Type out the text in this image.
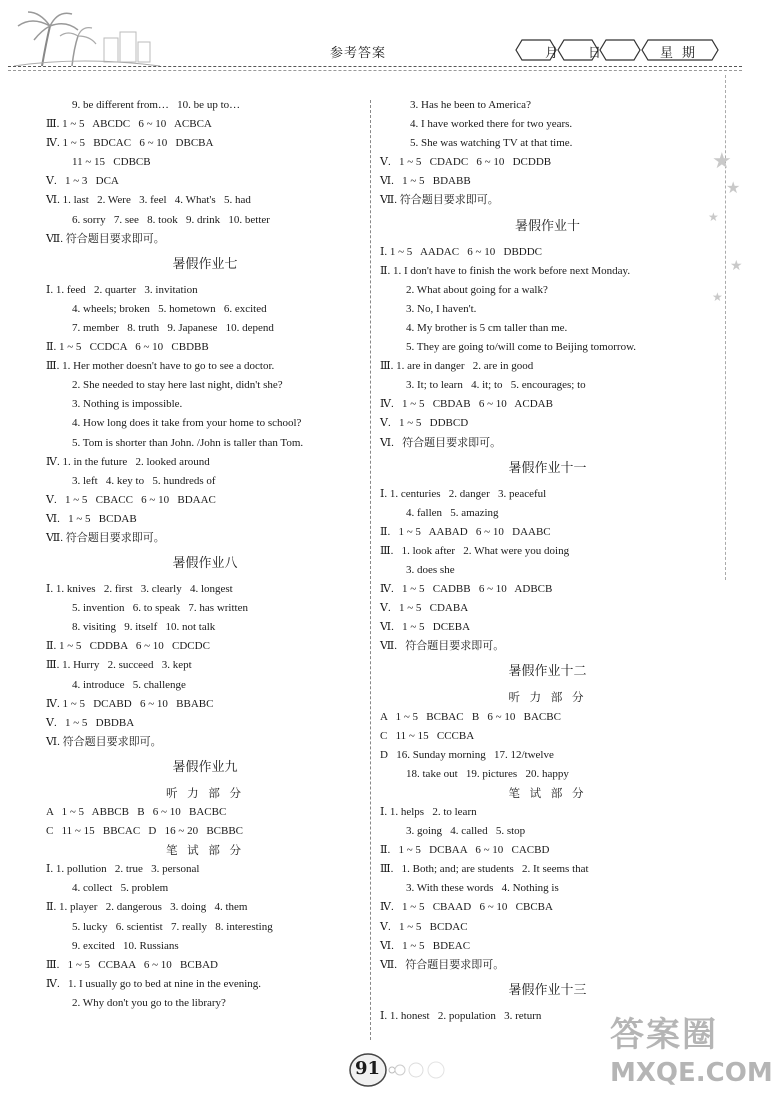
参考答案	月 日	星 期
★
★
★
★
★
9. be different from…   10. be up to…
Ⅲ. 1 ~ 5   ABCDC   6 ~ 10   ACBCA
Ⅳ. 1 ~ 5   BDCAC   6 ~ 10   DBCBA
11 ~ 15   CDBCB
Ⅴ.   1 ~ 3   DCA
Ⅵ. 1. last   2. Were   3. feel   4. What's   5. had
6. sorry   7. see   8. took   9. drink   10. better
Ⅶ. 符合题目要求即可。
暑假作业七
Ⅰ. 1. feed   2. quarter   3. invitation
4. wheels; broken   5. hometown   6. excited
7. member   8. truth   9. Japanese   10. depend
Ⅱ. 1 ~ 5   CCDCA   6 ~ 10   CBDBB
Ⅲ. 1. Her mother doesn't have to go to see a doctor.
2. She needed to stay here last night, didn't she?
3. Nothing is impossible.
4. How long does it take from your home to school?
5. Tom is shorter than John. /John is taller than Tom.
Ⅳ. 1. in the future   2. looked around
3. left   4. key to   5. hundreds of
Ⅴ.   1 ~ 5   CBACC   6 ~ 10   BDAAC
Ⅵ.   1 ~ 5   BCDAB
Ⅶ. 符合题目要求即可。
暑假作业八
Ⅰ. 1. knives   2. first   3. clearly   4. longest
5. invention   6. to speak   7. has written
8. visiting   9. itself   10. not talk
Ⅱ. 1 ~ 5   CDDBA   6 ~ 10   CDCDC
Ⅲ. 1. Hurry   2. succeed   3. kept
4. introduce   5. challenge
Ⅳ. 1 ~ 5   DCABD   6 ~ 10   BBABC
Ⅴ.   1 ~ 5   DBDBA
Ⅵ. 符合题目要求即可。
暑假作业九
听 力 部 分
A   1 ~ 5   ABBCB   B   6 ~ 10   BACBC
C   11 ~ 15   BBCAC   D   16 ~ 20   BCBBC
笔 试 部 分
Ⅰ. 1. pollution   2. true   3. personal
4. collect   5. problem
Ⅱ. 1. player   2. dangerous   3. doing   4. them
5. lucky   6. scientist   7. really   8. interesting
9. excited   10. Russians
Ⅲ.   1 ~ 5   CCBAA   6 ~ 10   BCBAD
Ⅳ.   1. I usually go to bed at nine in the evening.
2. Why don't you go to the library?
3. Has he been to America?
4. I have worked there for two years.
5. She was watching TV at that time.
Ⅴ.   1 ~ 5   CDADC   6 ~ 10   DCDDB
Ⅵ.   1 ~ 5   BDABB
Ⅶ. 符合题目要求即可。
暑假作业十
Ⅰ. 1 ~ 5   AADAC   6 ~ 10   DBDDC
Ⅱ. 1. I don't have to finish the work before next Monday.
2. What about going for a walk?
3. No, I haven't.
4. My brother is 5 cm taller than me.
5. They are going to/will come to Beijing tomorrow.
Ⅲ. 1. are in danger   2. are in good
3. It; to learn   4. it; to   5. encourages; to
Ⅳ.   1 ~ 5   CBDAB   6 ~ 10   ACDAB
Ⅴ.   1 ~ 5   DDBCD
Ⅵ.   符合题目要求即可。
暑假作业十一
Ⅰ. 1. centuries   2. danger   3. peaceful
4. fallen   5. amazing
Ⅱ.   1 ~ 5   AABAD   6 ~ 10   DAABC
Ⅲ.   1. look after   2. What were you doing
3. does she
Ⅳ.   1 ~ 5   CADBB   6 ~ 10   ADBCB
Ⅴ.   1 ~ 5   CDABA
Ⅵ.   1 ~ 5   DCEBA
Ⅶ.   符合题目要求即可。
暑假作业十二
听 力 部 分
A   1 ~ 5   BCBAC   B   6 ~ 10   BACBC
C   11 ~ 15   CCCBA
D   16. Sunday morning   17. 12/twelve
18. take out   19. pictures   20. happy
笔 试 部 分
Ⅰ. 1. helps   2. to learn
3. going   4. called   5. stop
Ⅱ.   1 ~ 5   DCBAA   6 ~ 10   CACBD
Ⅲ.   1. Both; and; are students   2. It seems that
3. With these words   4. Nothing is
Ⅳ.   1 ~ 5   CBAAD   6 ~ 10   CBCBA
Ⅴ.   1 ~ 5   BCDAC
Ⅵ.   1 ~ 5   BDEAC
Ⅶ.   符合题目要求即可。
暑假作业十三
Ⅰ. 1. honest   2. population   3. return
91
答案圈
MXQE.COM
